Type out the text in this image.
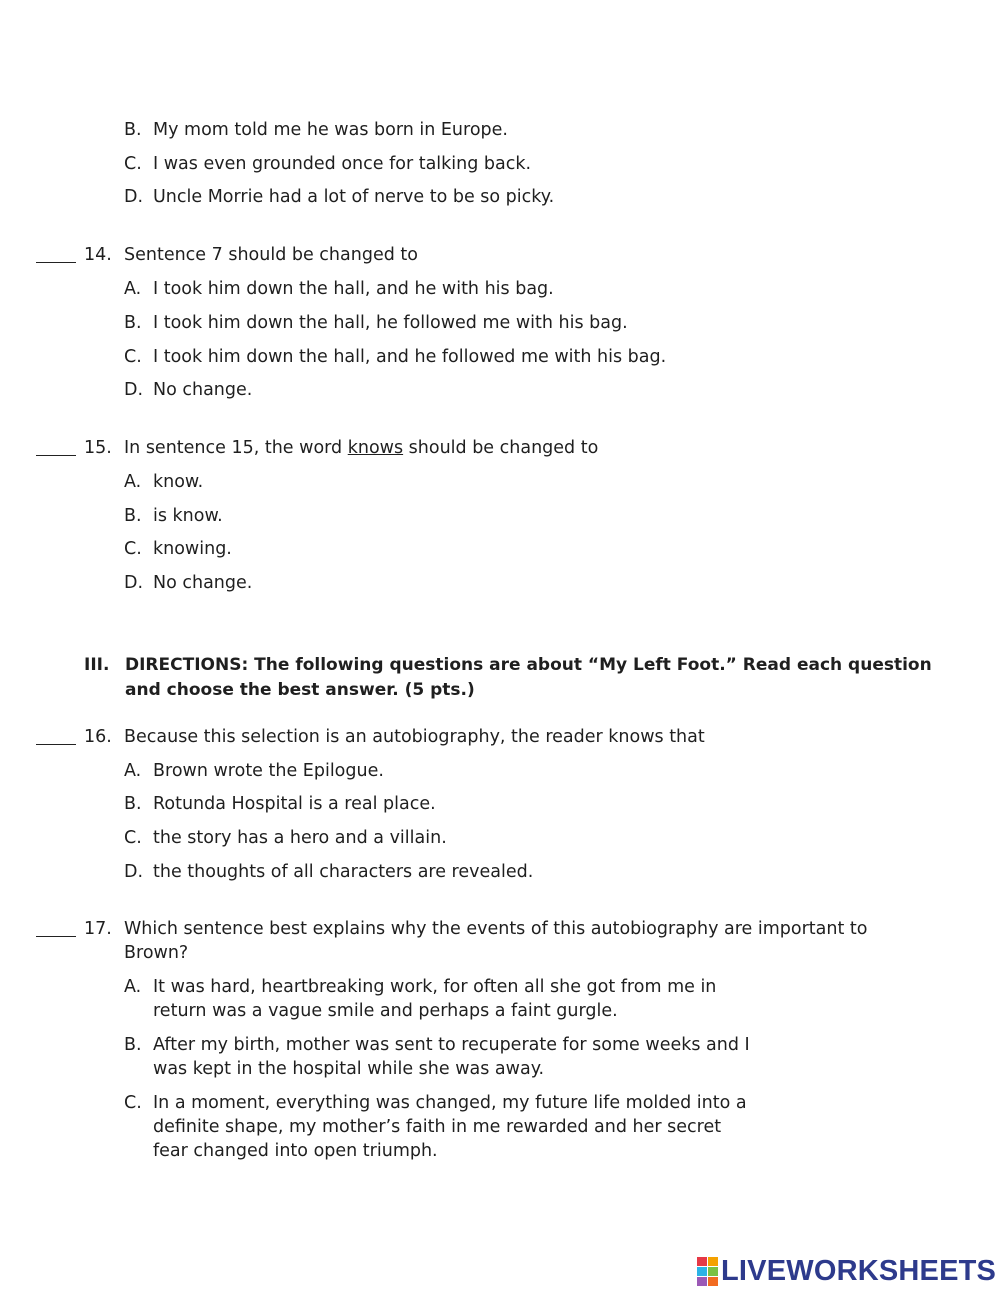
B. My mom told me he was born in Europe.
C. I was even grounded once for talking back.
D. Uncle Morrie had a lot of nerve to be so picky.
14. Sentence 7 should be changed to
A. I took him down the hall, and he with his bag.
B. I took him down the hall, he followed me with his bag.
C. I took him down the hall, and he followed me with his bag.
D. No change.
15. In sentence 15, the word knows should be changed to
A. know.
B. is know.
C. knowing.
D. No change.
III. DIRECTIONS: The following questions are about “My Left Foot.” Read each question
and choose the best answer. (5 pts.)
16. Because this selection is an autobiography, the reader knows that
A. Brown wrote the Epilogue.
B. Rotunda Hospital is a real place.
C. the story has a hero and a villain.
D. the thoughts of all characters are revealed.
17. Which sentence best explains why the events of this autobiography are important to
Brown?
A. It was hard, heartbreaking work, for often all she got from me in
return was a vague smile and perhaps a faint gurgle.
B. After my birth, mother was sent to recuperate for some weeks and I
was kept in the hospital while she was away.
C. In a moment, everything was changed, my future life molded into a
definite shape, my mother’s faith in me rewarded and her secret
fear changed into open triumph.
LIVEWORKSHEETS
